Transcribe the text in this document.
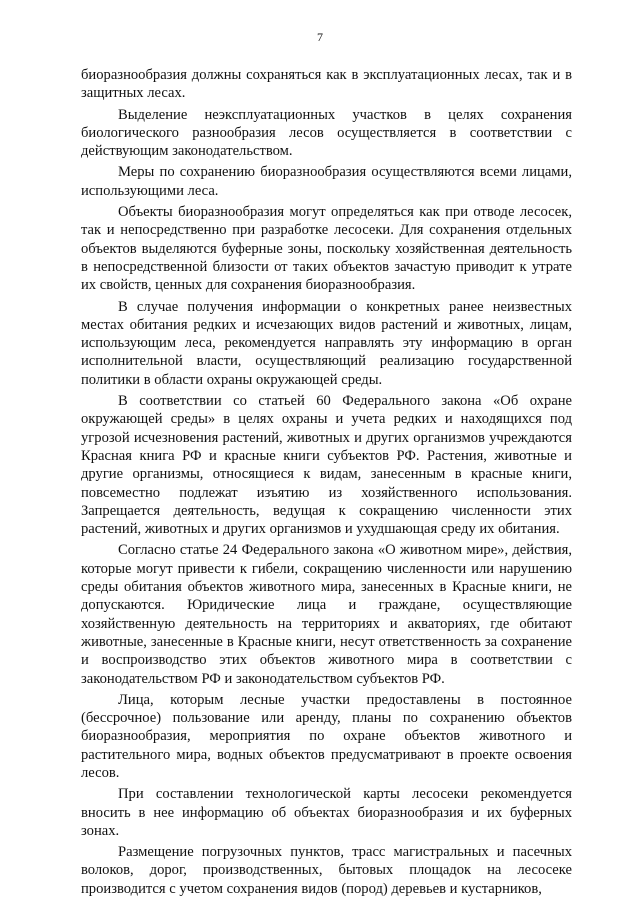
7

биоразнообразия должны сохраняться как в эксплуатационных лесах, так и в защитных лесах.

Выделение неэксплуатационных участков в целях сохранения биологического разнообразия лесов осуществляется в соответствии с действующим законодательством.

Меры по сохранению биоразнообразия осуществляются всеми лицами, использующими леса.

Объекты биоразнообразия могут определяться как при отводе лесосек, так и непосредственно при разработке лесосеки. Для сохранения отдельных объектов выделяются буферные зоны, поскольку хозяйственная деятельность в непосредственной близости от таких объектов зачастую приводит к утрате их свойств, ценных для сохранения биоразнообразия.

В случае получения информации о конкретных ранее неизвестных местах обитания редких и исчезающих видов растений и животных, лицам, использующим леса, рекомендуется направлять эту информацию в орган исполнительной власти, осуществляющий реализацию государственной политики в области охраны окружающей среды.

В соответствии со статьей 60 Федерального закона «Об охране окружающей среды» в целях охраны и учета редких и находящихся под угрозой исчезновения растений, животных и других организмов учреждаются Красная книга РФ и красные книги субъектов РФ. Растения, животные и другие организмы, относящиеся к видам, занесенным в красные книги, повсеместно подлежат изъятию из хозяйственного использования. Запрещается деятельность, ведущая к сокращению численности этих растений, животных и других организмов и ухудшающая среду их обитания.

Согласно статье 24 Федерального закона «О животном мире», действия, которые могут привести к гибели, сокращению численности или нарушению среды обитания объектов животного мира, занесенных в Красные книги, не допускаются. Юридические лица и граждане, осуществляющие хозяйственную деятельность на территориях и акваториях, где обитают животные, занесенные в Красные книги, несут ответственность за сохранение и воспроизводство этих объектов животного мира в соответствии с законодательством РФ и законодательством субъектов РФ.

Лица, которым лесные участки предоставлены в постоянное (бессрочное) пользование или аренду, планы по сохранению объектов биоразнообразия, мероприятия по охране объектов животного и растительного мира, водных объектов предусматривают в проекте освоения лесов.

При составлении технологической карты лесосеки рекомендуется вносить в нее информацию об объектах биоразнообразия и их буферных зонах.

Размещение погрузочных пунктов, трасс магистральных и пасечных волоков, дорог, производственных, бытовых площадок на лесосеке производится с учетом сохранения видов (пород) деревьев и кустарников,
